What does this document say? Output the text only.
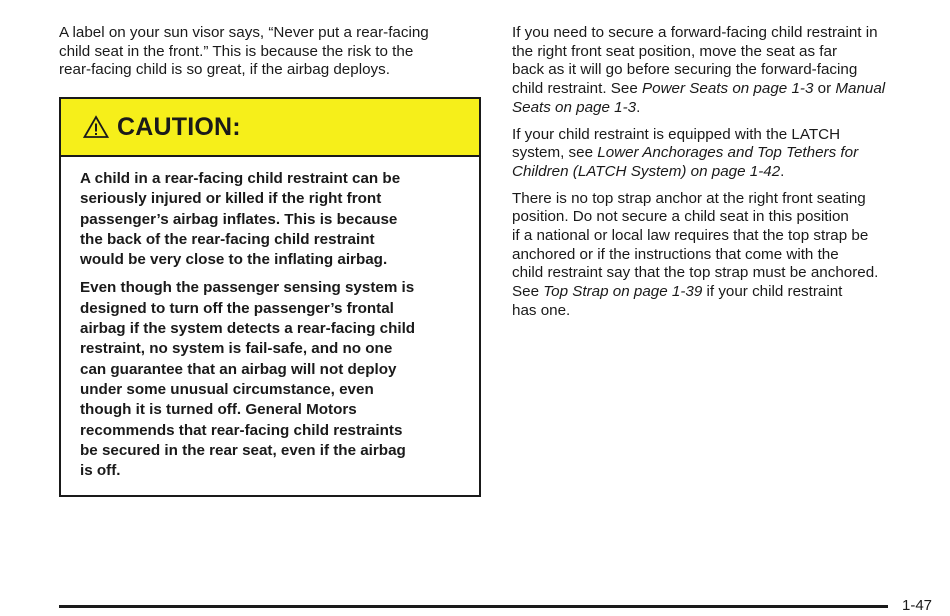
A label on your sun visor says, “Never put a rear-facing
child seat in the front.” This is because the risk to the
rear-facing child is so great, if the airbag deploys.

CAUTION:

A child in a rear-facing child restraint can be
seriously injured or killed if the right front
passenger’s airbag inflates. This is because
the back of the rear-facing child restraint
would be very close to the inflating airbag.

Even though the passenger sensing system is
designed to turn off the passenger’s frontal
airbag if the system detects a rear-facing child
restraint, no system is fail-safe, and no one
can guarantee that an airbag will not deploy
under some unusual circumstance, even
though it is turned off. General Motors
recommends that rear-facing child restraints
be secured in the rear seat, even if the airbag
is off.

If you need to secure a forward-facing child restraint in
the right front seat position, move the seat as far
back as it will go before securing the forward-facing
child restraint. See Power Seats on page 1-3 or Manual
Seats on page 1-3.

If your child restraint is equipped with the LATCH
system, see Lower Anchorages and Top Tethers for
Children (LATCH System) on page 1-42.

There is no top strap anchor at the right front seating
position. Do not secure a child seat in this position
if a national or local law requires that the top strap be
anchored or if the instructions that come with the
child restraint say that the top strap must be anchored.
See Top Strap on page 1-39 if your child restraint
has one.

1-47
